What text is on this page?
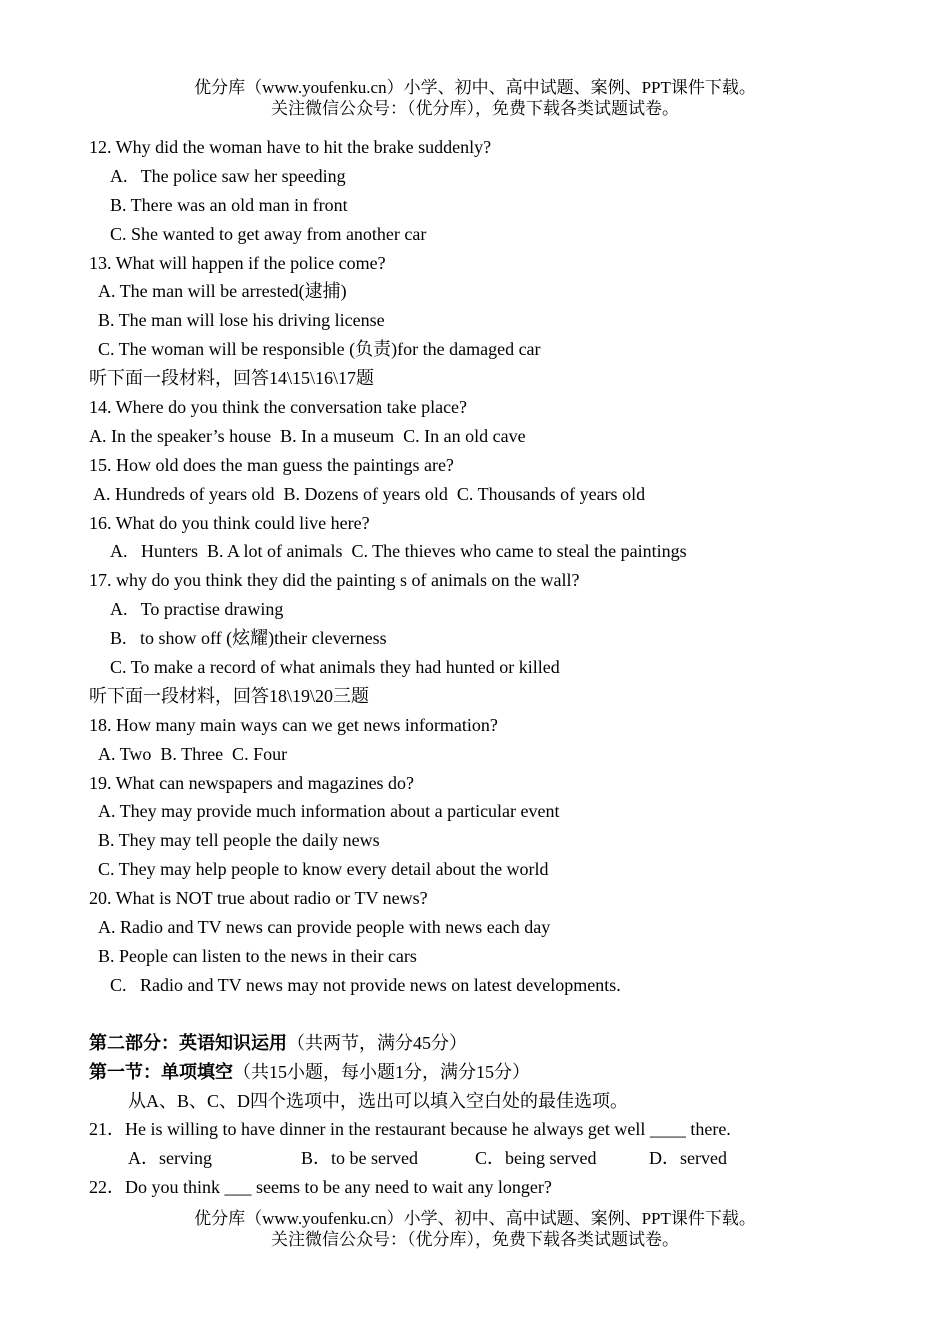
优分库（www.youfenku.cn）小学、初中、高中试题、案例、PPT课件下载。
关注微信公众号：（优分库），免费下载各类试题试卷。
12. Why did the woman have to hit the brake suddenly?
A.   The police saw her speeding
B. There was an old man in front
C. She wanted to get away from another car
13. What will happen if the police come?
A. The man will be arrested(逮捕)
B. The man will lose his driving license
C. The woman will be responsible (负责)for the damaged car
听下面一段材料，回答14\15\16\17题
14. Where do you think the conversation take place?
A. In the speaker’s house  B. In a museum  C. In an old cave
15. How old does the man guess the paintings are?
A. Hundreds of years old  B. Dozens of years old  C. Thousands of years old
16. What do you think could live here?
A.   Hunters  B. A lot of animals  C. The thieves who came to steal the paintings
17. why do you think they did the painting s of animals on the wall?
A.   To practise drawing
B.   to show off (炫耀)their cleverness
C. To make a record of what animals they had hunted or killed
听下面一段材料，回答18\19\20三题
18. How many main ways can we get news information?
A. Two  B. Three  C. Four
19. What can newspapers and magazines do?
A. They may provide much information about a particular event
B. They may tell people the daily news
C. They may help people to know every detail about the world
20. What is NOT true about radio or TV news?
A. Radio and TV news can provide people with news each day
B. People can listen to the news in their cars
C.   Radio and TV news may not provide news on latest developments.
第二部分：英语知识运用（共两节，满分45分）
第一节：单项填空（共15小题，每小题1分，满分15分）
从A、B、C、D四个选项中，选出可以填入空白处的最佳选项。
21．He is willing to have dinner in the restaurant because he always get well ____ there.
A．serving	B．to be served	C．being served	D．served
22．Do you think ___ seems to be any need to wait any longer?
优分库（www.youfenku.cn）小学、初中、高中试题、案例、PPT课件下载。
关注微信公众号：（优分库），免费下载各类试题试卷。
